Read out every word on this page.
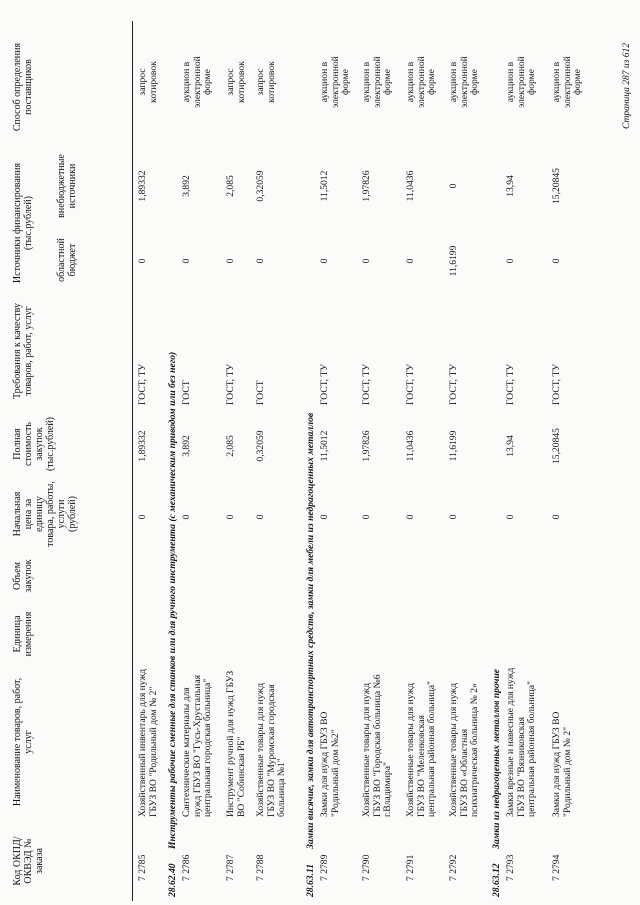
Код ОКПД/ ОКВЭД № заказа
Наименование товаров, работ, услуг
Единица измерения
Объем закупок
Начальная цена за единицу товара, работы, услуги (рублей)
Полная стоимость закупок (тыс.рублей)
Требования к качеству товаров, работ, услуг
Источники финансирования (тыс.рублей)
областной бюджет
внебюджетные источники
Способ определения поставщиков
7 2785
Хозяйственный инвентарь для нужд ГБУЗ ВО "Родильный дом № 2"
0
1,89332
ГОСТ, ТУ
0
1,89332
запрос котировок
28.62.40
Инструменты рабочие сменные для станков или для ручного инструмента (с механическим приводом или без него)
7 2786
Сантехнические материалы для нужд ГБУЗ ВО "Гусь-Хрустальная центральная городская больница"
0
3,892
ГОСТ
0
3,892
аукцион в электронной форме
7 2787
Инструмент ручной для нужд ГБУЗ ВО "Собинская РБ"
0
2,085
ГОСТ, ТУ
0
2,085
запрос котировок
7 2788
Хозяйственные товары для нужд ГБУЗ ВО "Муромская городская больница №1"
0
0,32059
ГОСТ
0
0,32059
запрос котировок
28.63.11
Замки висячие, замки для автотранспортных средств, замки для мебели из недрагоценных металлов
7 2789
Замки для нужд ГБУЗ ВО "Родильный дом №2"
0
11,5012
ГОСТ, ТУ
0
11,5012
аукцион в электронной форме
7 2790
Хозяйственные товары для нужд ГБУЗ ВО "Городская больница №6 г.Владимира"
0
1,97826
ГОСТ, ТУ
0
1,97826
аукцион в электронной форме
7 2791
Хозяйственные товары для нужд ГБУЗ ВО "Меленковская центральная районная больница"
0
11,0436
ГОСТ, ТУ
0
11,0436
аукцион в электронной форме
7 2792
Хозяйственные товары для нужд ГБУЗ ВО «Областная психиатрическая больница № 2»
0
11,6199
ГОСТ, ТУ
11,6199
0
аукцион в электронной форме
28.63.12
Замки из недрагоценных металлов прочие
7 2793
Замки врезные и навесные для нужд ГБУЗ ВО "Вязниковская центральная районная больница"
0
13,94
ГОСТ, ТУ
0
13,94
аукцион в электронной форме
7 2794
Замки для нужд ГБУЗ ВО "Родильный дом № 2"
0
15,20845
ГОСТ, ТУ
0
15,20845
аукцион в электронной форме	Страница 287 из 612
